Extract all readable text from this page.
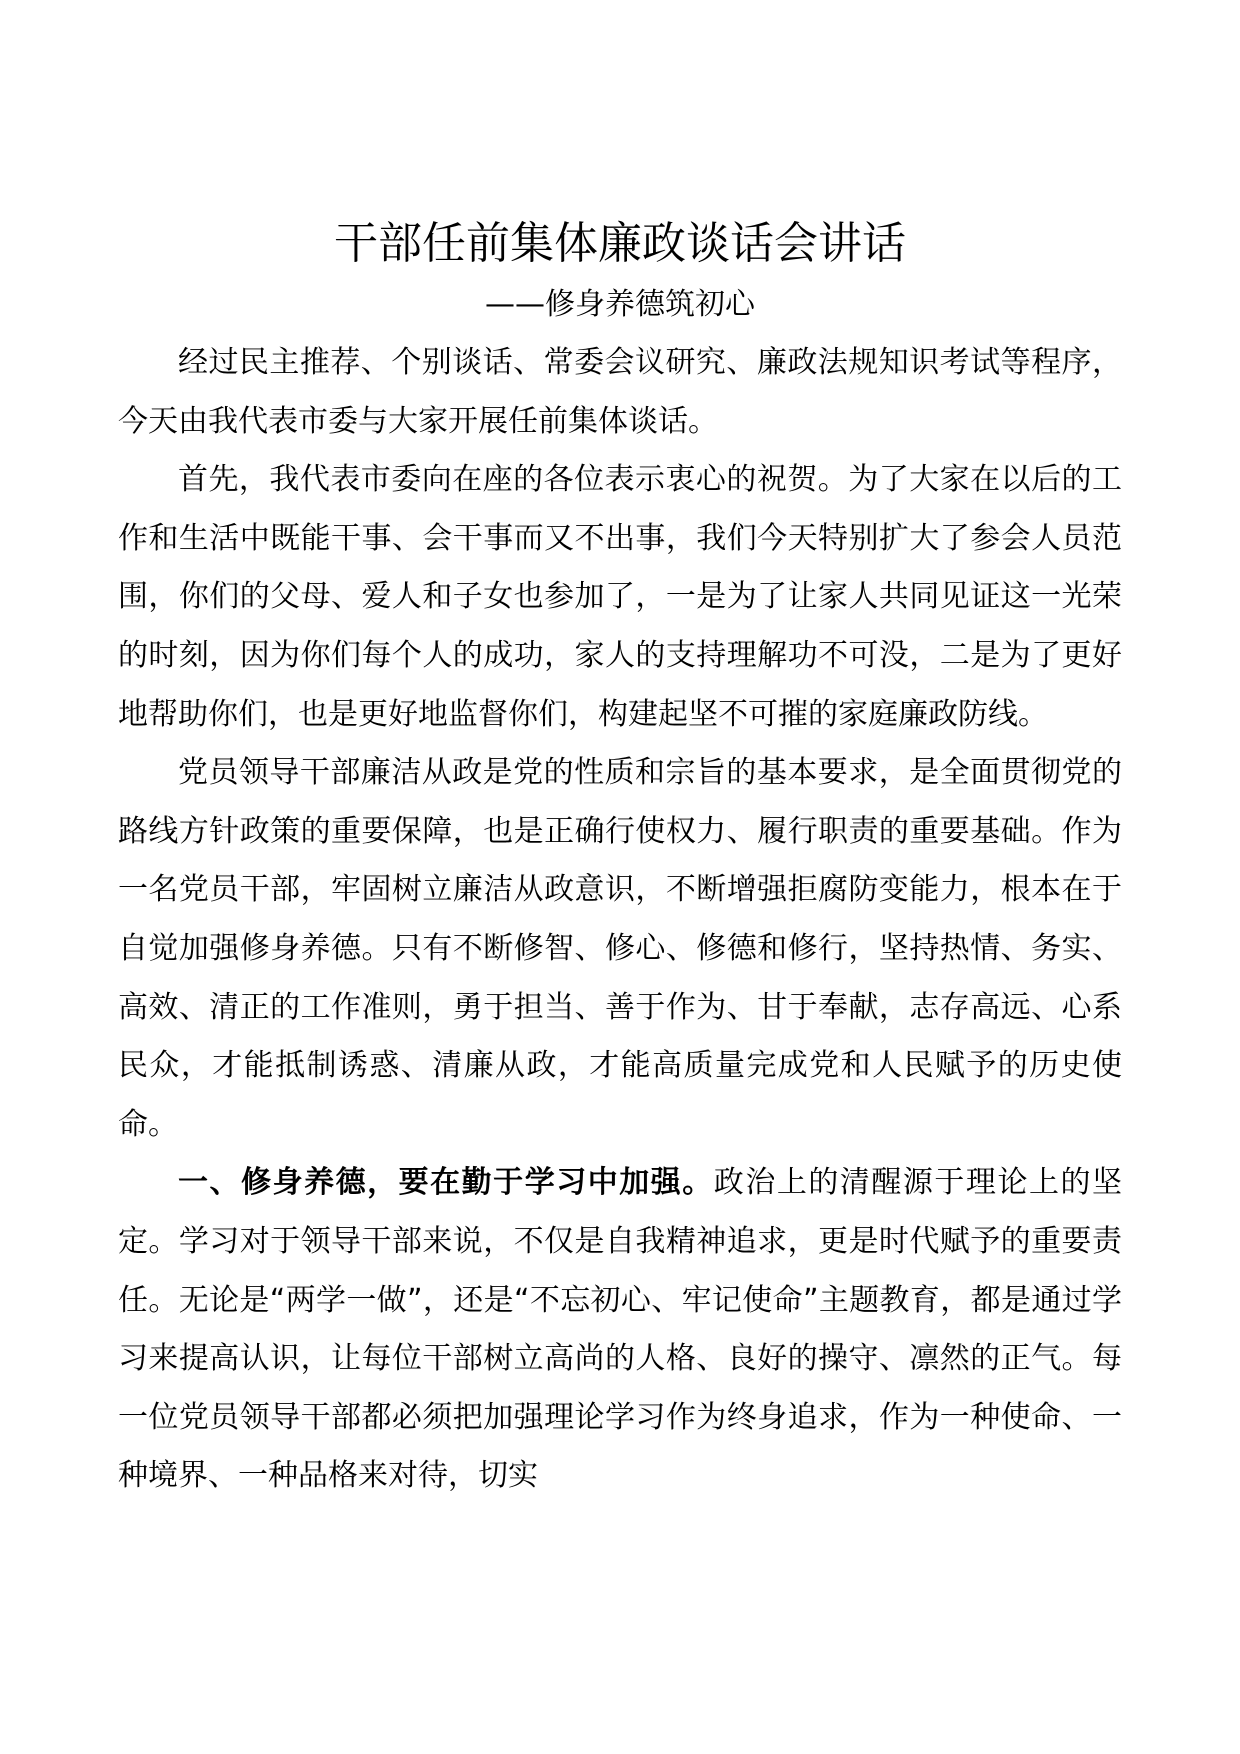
干部任前集体廉政谈话会讲话
——修身养德筑初心

经过民主推荐、个别谈话、常委会议研究、廉政法规知识考试等程序，今天由我代表市委与大家开展任前集体谈话。

首先，我代表市委向在座的各位表示衷心的祝贺。为了大家在以后的工作和生活中既能干事、会干事而又不出事，我们今天特别扩大了参会人员范围，你们的父母、爱人和子女也参加了，一是为了让家人共同见证这一光荣的时刻，因为你们每个人的成功，家人的支持理解功不可没，二是为了更好地帮助你们，也是更好地监督你们，构建起坚不可摧的家庭廉政防线。

党员领导干部廉洁从政是党的性质和宗旨的基本要求，是全面贯彻党的路线方针政策的重要保障，也是正确行使权力、履行职责的重要基础。作为一名党员干部，牢固树立廉洁从政意识，不断增强拒腐防变能力，根本在于自觉加强修身养德。只有不断修智、修心、修德和修行，坚持热情、务实、高效、清正的工作准则，勇于担当、善于作为、甘于奉献，志存高远、心系民众，才能抵制诱惑、清廉从政，才能高质量完成党和人民赋予的历史使命。

一、修身养德，要在勤于学习中加强。政治上的清醒源于理论上的坚定。学习对于领导干部来说，不仅是自我精神追求，更是时代赋予的重要责任。无论是“两学一做”，还是“不忘初心、牢记使命”主题教育，都是通过学习来提高认识，让每位干部树立高尚的人格、良好的操守、凛然的正气。每一位党员领导干部都必须把加强理论学习作为终身追求，作为一种使命、一种境界、一种品格来对待，切实
